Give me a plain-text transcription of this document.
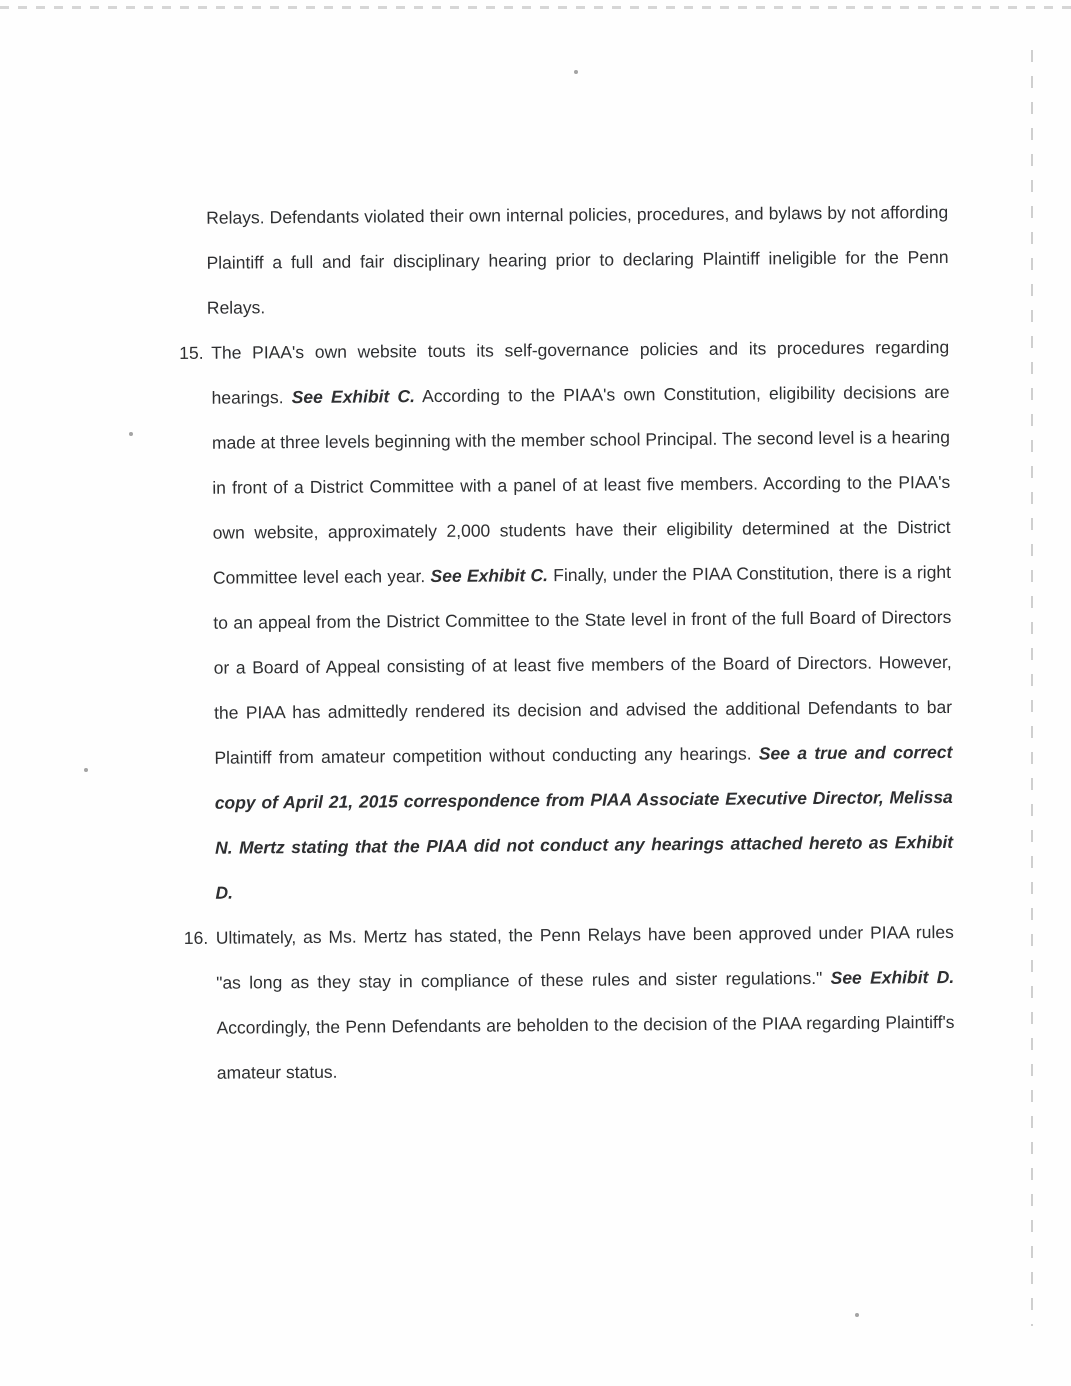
Relays. Defendants violated their own internal policies, procedures, and bylaws by not affording Plaintiff a full and fair disciplinary hearing prior to declaring Plaintiff ineligible for the Penn Relays.
15. The PIAA's own website touts its self-governance policies and its procedures regarding hearings. See Exhibit C. According to the PIAA's own Constitution, eligibility decisions are made at three levels beginning with the member school Principal. The second level is a hearing in front of a District Committee with a panel of at least five members. According to the PIAA's own website, approximately 2,000 students have their eligibility determined at the District Committee level each year. See Exhibit C. Finally, under the PIAA Constitution, there is a right to an appeal from the District Committee to the State level in front of the full Board of Directors or a Board of Appeal consisting of at least five members of the Board of Directors. However, the PIAA has admittedly rendered its decision and advised the additional Defendants to bar Plaintiff from amateur competition without conducting any hearings. See a true and correct copy of April 21, 2015 correspondence from PIAA Associate Executive Director, Melissa N. Mertz stating that the PIAA did not conduct any hearings attached hereto as Exhibit D.
16. Ultimately, as Ms. Mertz has stated, the Penn Relays have been approved under PIAA rules "as long as they stay in compliance of these rules and sister regulations." See Exhibit D. Accordingly, the Penn Defendants are beholden to the decision of the PIAA regarding Plaintiff's amateur status.
